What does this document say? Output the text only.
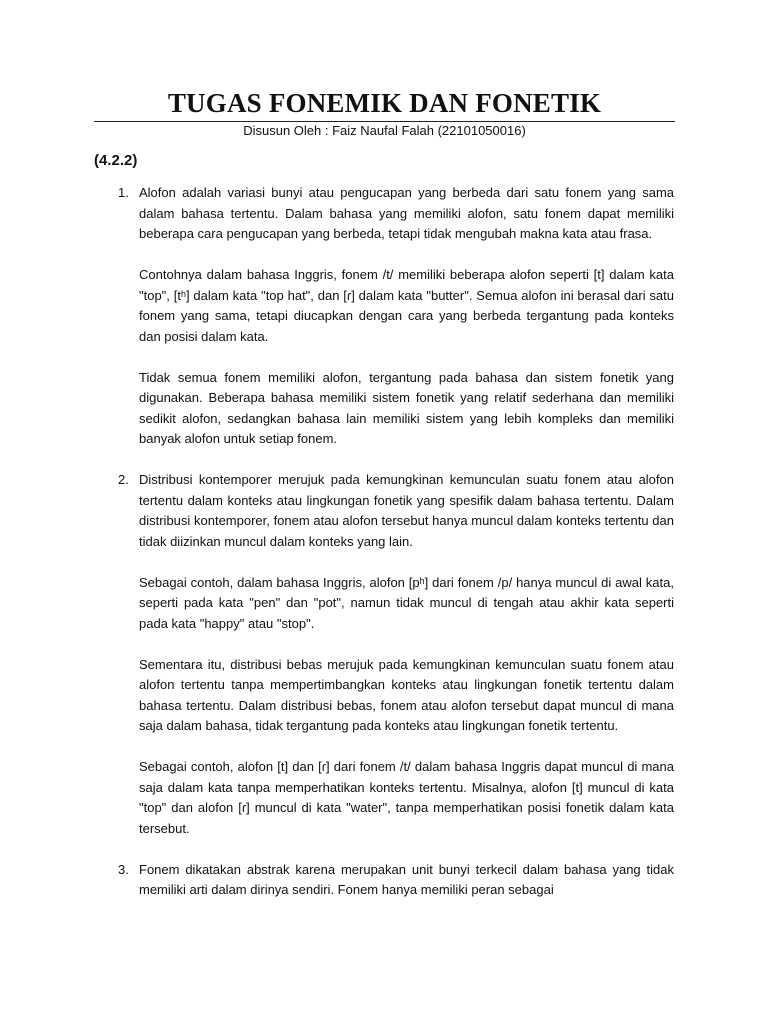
TUGAS FONEMIK DAN FONETIK
Disusun Oleh : Faiz Naufal Falah (22101050016)
(4.2.2)
1. Alofon adalah variasi bunyi atau pengucapan yang berbeda dari satu fonem yang sama dalam bahasa tertentu. Dalam bahasa yang memiliki alofon, satu fonem dapat memiliki beberapa cara pengucapan yang berbeda, tetapi tidak mengubah makna kata atau frasa.

Contohnya dalam bahasa Inggris, fonem /t/ memiliki beberapa alofon seperti [t] dalam kata "top", [tʰ] dalam kata "top hat", dan [ɾ] dalam kata "butter". Semua alofon ini berasal dari satu fonem yang sama, tetapi diucapkan dengan cara yang berbeda tergantung pada konteks dan posisi dalam kata.

Tidak semua fonem memiliki alofon, tergantung pada bahasa dan sistem fonetik yang digunakan. Beberapa bahasa memiliki sistem fonetik yang relatif sederhana dan memiliki sedikit alofon, sedangkan bahasa lain memiliki sistem yang lebih kompleks dan memiliki banyak alofon untuk setiap fonem.

2. Distribusi kontemporer merujuk pada kemungkinan kemunculan suatu fonem atau alofon tertentu dalam konteks atau lingkungan fonetik yang spesifik dalam bahasa tertentu. Dalam distribusi kontemporer, fonem atau alofon tersebut hanya muncul dalam konteks tertentu dan tidak diizinkan muncul dalam konteks yang lain.

Sebagai contoh, dalam bahasa Inggris, alofon [pʰ] dari fonem /p/ hanya muncul di awal kata, seperti pada kata "pen" dan "pot", namun tidak muncul di tengah atau akhir kata seperti pada kata "happy" atau "stop".

Sementara itu, distribusi bebas merujuk pada kemungkinan kemunculan suatu fonem atau alofon tertentu tanpa mempertimbangkan konteks atau lingkungan fonetik tertentu dalam bahasa tertentu. Dalam distribusi bebas, fonem atau alofon tersebut dapat muncul di mana saja dalam bahasa, tidak tergantung pada konteks atau lingkungan fonetik tertentu.

Sebagai contoh, alofon [t] dan [ɾ] dari fonem /t/ dalam bahasa Inggris dapat muncul di mana saja dalam kata tanpa memperhatikan konteks tertentu. Misalnya, alofon [t] muncul di kata "top" dan alofon [ɾ] muncul di kata "water", tanpa memperhatikan posisi fonetik dalam kata tersebut.

3. Fonem dikatakan abstrak karena merupakan unit bunyi terkecil dalam bahasa yang tidak memiliki arti dalam dirinya sendiri. Fonem hanya memiliki peran sebagai
